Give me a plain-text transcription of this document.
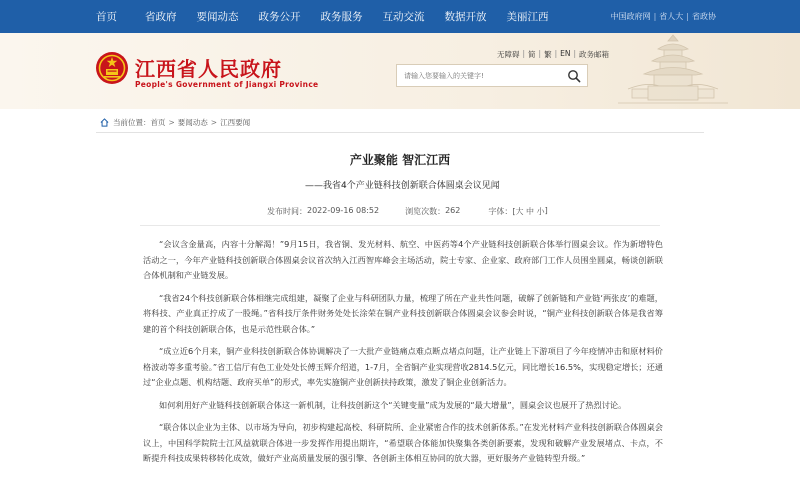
首页	省政府 要闻动态 政务公开 政务服务 互动交流 数据开放 美丽江西	中国政府网 | 省人大 | 省政协
江西省人民政府
People's Government of Jiangxi Province
无障碍 | 简 | 繁 | EN | 政务邮箱
请输入您要输入的关键字!
当前位置： 首页 > 要闻动态 > 江西要闻
产业聚能 智汇江西
——我省4个产业链科技创新联合体圆桌会议见闻
发布时间： 2022-09-16 08:52	浏览次数： 262	字体：[ 大
中
小 ]

“会议含金量高，内容十分解渴！”9月15日，我省铜、发光材料、航空、中医药等4个产业链科技创新联合体举行圆桌会议。作为新增特色活动之一，今年产业链科技创新联合体圆桌会议首次纳入江西智库峰会主场活动，院士专家、企业家、政府部门工作人员围坐圆桌，畅谈创新联合体机制和产业链发展。

“我省24个科技创新联合体相继完成组建，凝聚了企业与科研团队力量，梳理了所在产业共性问题，破解了创新链和产业链‘两张皮’的难题，将科技、产业真正拧成了一股绳。”省科技厅条件财务处处长涂荣在铜产业科技创新联合体圆桌会议参会时说，“铜产业科技创新联合体是我省筹建的首个科技创新联合体，也是示范性联合体。”

“成立近6个月来，铜产业科技创新联合体协调解决了一大批产业链痛点难点断点堵点问题，让产业链上下游项目了今年疫情冲击和原材料价格波动等多重考验。”省工信厅有色工业处处长傅玉辉介绍道，1-7月，全省铜产业实现营收2814.5亿元，同比增长16.5%，实现稳定增长；还通过“企业点题、机构结题、政府买单”的形式，率先实施铜产业创新扶持政策，激发了铜企业创新活力。

如何利用好产业链科技创新联合体这一新机制，让科技创新这个“关键变量”成为发展的“最大增量”，圆桌会议也展开了热烈讨论。

“联合体以企业为主体、以市场为导向，初步构建起高校、科研院所、企业紧密合作的技术创新体系。”在发光材料产业科技创新联合体圆桌会议上，中国科学院院士江风益就联合体进一步发挥作用提出期许，“希望联合体能加快聚集各类创新要素，发现和破解产业发展堵点、卡点，不断提升科技成果转移转化成效，做好产业高质量发展的强引擎、各创新主体相互协同的放大器，更好服务产业链转型升级。”
